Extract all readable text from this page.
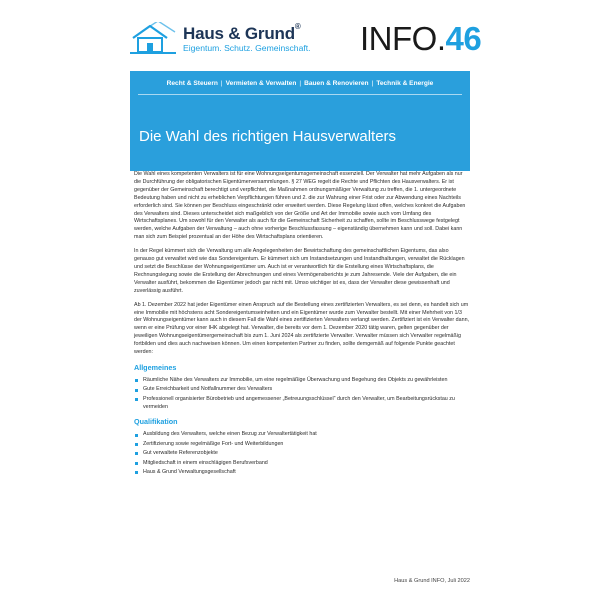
Haus & Grund®
Eigentum. Schutz. Gemeinschaft. INFO.46
Recht & Steuern | Vermieten & Verwalten | Bauen & Renovieren | Technik & Energie
Die Wahl des richtigen Hausverwalters

Die Wahl eines kompetenten Verwalters ist für eine Wohnungseigentumsgemeinschaft essenziell. Der Verwalter hat mehr Aufgaben als nur die Durchführung der obligatorischen Eigentümerversammlungen. § 27 WEG regelt die Rechte und Pflichten des Hausverwalters. Er ist gegenüber der Gemeinschaft berechtigt und verpflichtet, die Maßnahmen ordnungsmäßiger Verwaltung zu treffen, die 1. untergeordnete Bedeutung haben und nicht zu erheblichen Verpflichtungen führen und 2. die zur Wahrung einer Frist oder zur Abwendung eines Nachteils erforderlich sind. Sie können per Beschluss eingeschränkt oder erweitert werden. Diese Regelung lässt offen, welches konkret die Aufgaben des Verwalters sind. Dieses unterscheidet sich maßgeblich von der Größe und Art der Immobilie sowie auch vom Umfang des Wirtschaftsplanes. Um sowohl für den Verwalter als auch für die Gemeinschaft Sicherheit zu schaffen, sollte im Beschlusswege festgelegt werden, welche Aufgaben der Verwaltung – auch ohne vorherige Beschlussfassung – eigenständig übernehmen kann und soll. Dabei kann man sich zum Beispiel prozentual an der Höhe des Wirtschaftsplans orientieren.

In der Regel kümmert sich die Verwaltung um alle Angelegenheiten der Bewirtschaftung des gemeinschaftlichen Eigentums, das also genauso gut verwaltet wird wie das Sondereigentum. Er kümmert sich um Instandsetzungen und Instandhaltungen, verwaltet die Rücklagen und setzt die Beschlüsse der Wohnungseigentümer um. Auch ist er verantwortlich für die Erstellung eines Wirtschaftsplans, die Rechnungslegung sowie die Erstellung der Abrechnungen und eines Vermögensberichts je zum Jahresende. Viele der Aufgaben, die ein Verwalter ausführt, bekommen die Eigentümer jedoch gar nicht mit. Umso wichtiger ist es, dass der Verwalter diese gewissenhaft und zuverlässig ausführt.

Ab 1. Dezember 2022 hat jeder Eigentümer einen Anspruch auf die Bestellung eines zertifizierten Verwalters, es sei denn, es handelt sich um eine Immobilie mit höchstens acht Sondereigentumseinheiten und ein Eigentümer wurde zum Verwalter bestellt. Mit einer Mehrheit von 1/3 der Wohnungseigentümer kann auch in diesem Fall die Wahl eines zertifizierten Verwalters verlangt werden. Zertifiziert ist ein Verwalter dann, wenn er eine Prüfung vor einer IHK abgelegt hat. Verwalter, die bereits vor dem 1. Dezember 2020 tätig waren, gelten gegenüber der jeweiligen Wohnungseigentümergemeinschaft bis zum 1. Juni 2024 als zertifizierte Verwalter. Verwalter müssen sich Verwalter regelmäßig fortbilden und dies auch nachweisen können. Um einen kompetenten Partner zu finden, sollte demgemäß auf folgende Punkte geachtet werden:

Allgemeines
Räumliche Nähe des Verwalters zur Immobilie, um eine regelmäßige Überwachung und Begehung des Objekts zu gewährleisten
Gute Erreichbarkeit und Notfallnummer des Verwalters
Professionell organisierter Bürobetrieb und angemessener „Betreuungsschlüssel“ durch den Verwalter, um Bearbeitungsrückstau zu vermeiden
Qualifikation
Ausbildung des Verwalters, welche einen Bezug zur Verwaltertätigkeit hat
Zertifizierung sowie regelmäßige Fort- und Weiterbildungen
Gut verwaltete Referenzobjekte
Mitgliedschaft in einem einschlägigen Berufsverband
Haus & Grund Verwaltungsgesellschaft
Haus & Grund INFO, Juli 2022
